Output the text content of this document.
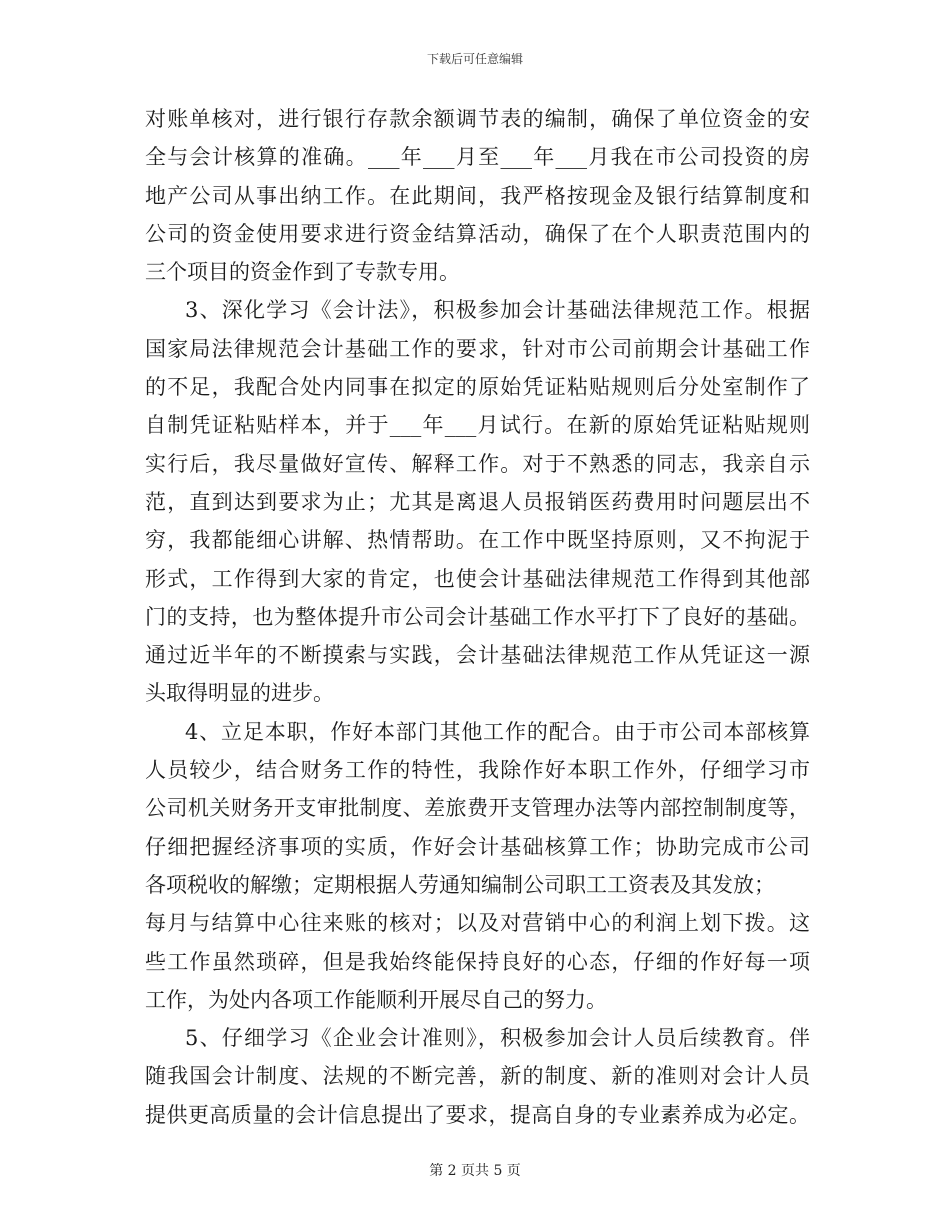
下载后可任意编辑
对账单核对，进行银行存款余额调节表的编制，确保了单位资金的安
全与会计核算的准确。___年___月至___年___月我在市公司投资的房
地产公司从事出纳工作。在此期间，我严格按现金及银行结算制度和
公司的资金使用要求进行资金结算活动，确保了在个人职责范围内的
三个项目的资金作到了专款专用。
3、深化学习《会计法》，积极参加会计基础法律规范工作。根据
国家局法律规范会计基础工作的要求，针对市公司前期会计基础工作
的不足，我配合处内同事在拟定的原始凭证粘贴规则后分处室制作了
自制凭证粘贴样本，并于___年___月试行。在新的原始凭证粘贴规则
实行后，我尽量做好宣传、解释工作。对于不熟悉的同志，我亲自示
范，直到达到要求为止；尤其是离退人员报销医药费用时问题层出不
穷，我都能细心讲解、热情帮助。在工作中既坚持原则，又不拘泥于
形式，工作得到大家的肯定，也使会计基础法律规范工作得到其他部
门的支持，也为整体提升市公司会计基础工作水平打下了良好的基础。
通过近半年的不断摸索与实践，会计基础法律规范工作从凭证这一源
头取得明显的进步。
4、立足本职，作好本部门其他工作的配合。由于市公司本部核算
人员较少，结合财务工作的特性，我除作好本职工作外，仔细学习市
公司机关财务开支审批制度、差旅费开支管理办法等内部控制制度等，
仔细把握经济事项的实质，作好会计基础核算工作；协助完成市公司
各项税收的解缴；定期根据人劳通知编制公司职工工资表及其发放；
每月与结算中心往来账的核对；以及对营销中心的利润上划下拨。这
些工作虽然琐碎，但是我始终能保持良好的心态，仔细的作好每一项
工作，为处内各项工作能顺利开展尽自己的努力。
5、仔细学习《企业会计准则》，积极参加会计人员后续教育。伴
随我国会计制度、法规的不断完善，新的制度、新的准则对会计人员
提供更高质量的会计信息提出了要求，提高自身的专业素养成为必定。
第 2 页共 5 页
